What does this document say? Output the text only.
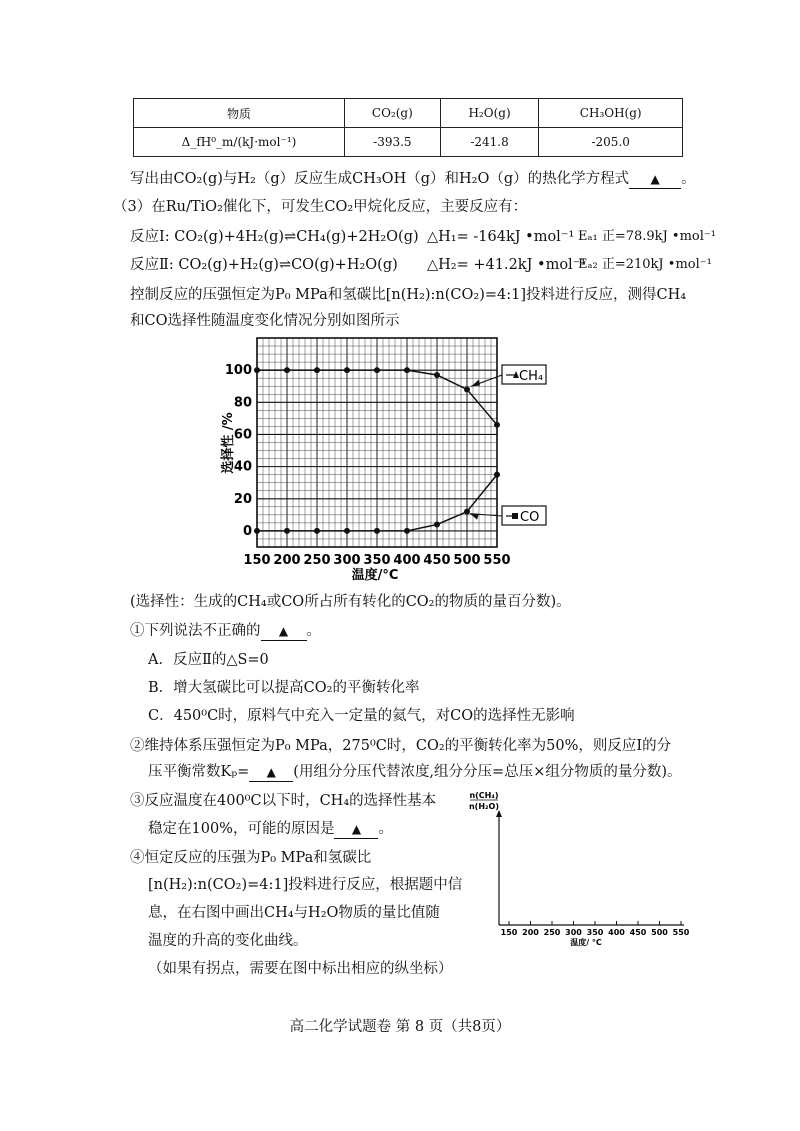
物质	CO₂(g)	H₂O(g)	CH₃OH(g)
Δ_fH⁰_m/(kJ·mol⁻¹)	-393.5	-241.8	-205.0
写出由CO₂(g)与H₂（g）反应生成CH₃OH（g）和H₂O（g）的热化学方程式 ▲ 。
（3）在Ru/TiO₂催化下，可发生CO₂甲烷化反应，主要反应有：
反应Ⅰ: CO₂(g)+4H₂(g)⇌CH₄(g)+2H₂O(g) △H₁= -164kJ •mol⁻¹ Eₐ₁ 正=78.9kJ •mol⁻¹
反应Ⅱ: CO₂(g)+H₂(g)⇌CO(g)+H₂O(g) △H₂= +41.2kJ •mol⁻¹
Eₐ₂ 正=210kJ •mol⁻¹
控制反应的压强恒定为P₀ MPa和氢碳比[n(H₂):n(CO₂)=4:1]投料进行反应，测得CH₄
和CO选择性随温度变化情况分别如图所示
150 200 250 300 350 400 450 500 550
0
20
40
60
80
100
温度/°C
选择性 /%
CH₄
CO
(选择性：生成的CH₄或CO所占所有转化的CO₂的物质的量百分数)。
①下列说法不正确的 ▲ 。
A．反应Ⅱ的△S=0
B．增大氢碳比可以提高CO₂的平衡转化率
C．450⁰C时，原料气中充入一定量的氦气，对CO的选择性无影响
②维持体系压强恒定为P₀ MPa，275⁰C时，CO₂的平衡转化率为50%，则反应Ⅰ的分
压平衡常数Kₚ= ▲ (用组分分压代替浓度,组分分压=总压×组分物质的量分数)。
③反应温度在400⁰C以下时，CH₄的选择性基本
稳定在100%，可能的原因是 ▲ 。
④恒定反应的压强为P₀ MPa和氢碳比
[n(H₂):n(CO₂)=4:1]投料进行反应，根据题中信
息，在右图中画出CH₄与H₂O物质的量比值随
温度的升高的变化曲线。
（如果有拐点，需要在图中标出相应的纵坐标）
n(CH₄)
n(H₂O)
150 200 250 300 350 400 450 500 550
温度/ °C
高二化学试题卷 第 8 页（共8页）
